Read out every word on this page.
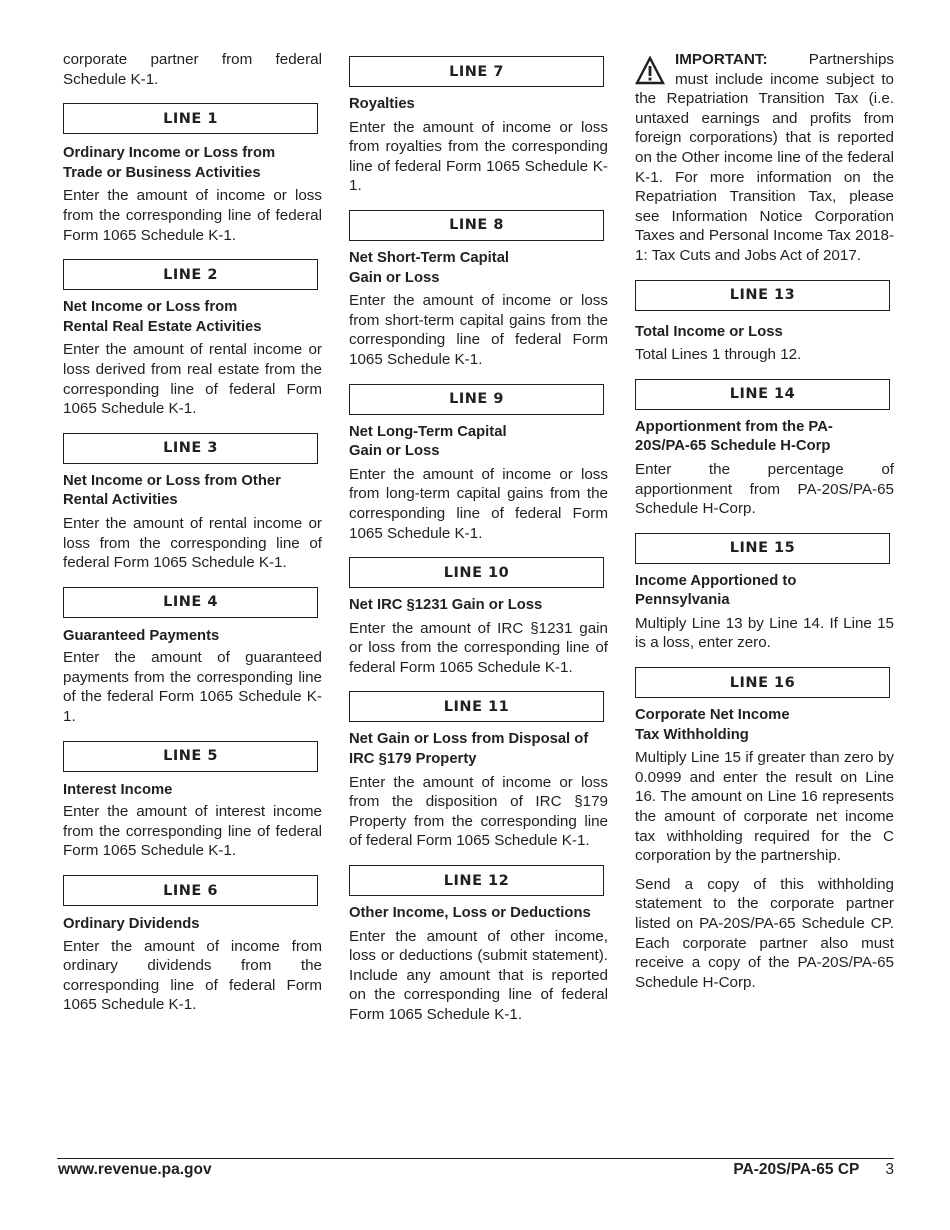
corporate partner from federal Schedule K-1.

LINE 1

Ordinary Income or Loss from Trade or Business Activities

Enter the amount of income or loss from the corresponding line of federal Form 1065 Schedule K-1.

LINE 2

Net Income or Loss from Rental Real Estate Activities

Enter the amount of rental income or loss derived from real estate from the corresponding line of federal Form 1065 Schedule K-1.

LINE 3

Net Income or Loss from Other Rental Activities

Enter the amount of rental income or loss from the corresponding line of federal Form 1065 Schedule K-1.

LINE 4

Guaranteed Payments

Enter the amount of guaranteed payments from the corresponding line of the federal Form 1065 Schedule K-1.

LINE 5

Interest Income

Enter the amount of interest income from the corresponding line of federal Form 1065 Schedule K-1.

LINE 6

Ordinary Dividends

Enter the amount of income from ordinary dividends from the corresponding line of federal Form 1065 Schedule K-1.

LINE 7

Royalties

Enter the amount of income or loss from royalties from the corresponding line of federal Form 1065 Schedule K-1.

LINE 8

Net Short-Term Capital Gain or Loss

Enter the amount of income or loss from short-term capital gains from the corresponding line of federal Form 1065 Schedule K-1.

LINE 9

Net Long-Term Capital Gain or Loss

Enter the amount of income or loss from long-term capital gains from the corresponding line of federal Form 1065 Schedule K-1.

LINE 10

Net IRC §1231 Gain or Loss

Enter the amount of IRC §1231 gain or loss from the corresponding line of federal Form 1065 Schedule K-1.

LINE 11

Net Gain or Loss from Disposal of IRC §179 Property

Enter the amount of income or loss from the disposition of IRC §179 Property from the corresponding line of federal Form 1065 Schedule K-1.

LINE 12

Other Income, Loss or Deductions

Enter the amount of other income, loss or deductions (submit statement). Include any amount that is reported on the corresponding line of federal Form 1065 Schedule K-1.

IMPORTANT:	Partnerships must include income subject to the Repatriation Transition Tax (i.e. untaxed earnings and profits from foreign corporations) that is reported on the Other income line of the federal K-1. For more information on the Repatriation Transition Tax, please see Information Notice Corporation Taxes and Personal Income Tax 2018-1: Tax Cuts and Jobs Act of 2017.
LINE 13

Total Income or Loss

Total Lines 1 through 12.

LINE 14

Apportionment from the PA-20S/PA-65 Schedule H-Corp

Enter the percentage of apportionment from PA-20S/PA-65 Schedule H-Corp.

LINE 15

Income Apportioned to Pennsylvania

Multiply Line 13 by Line 14. If Line 15 is a loss, enter zero.

LINE 16

Corporate Net Income Tax Withholding

Multiply Line 15 if greater than zero by 0.0999 and enter the result on Line 16. The amount on Line 16 represents the amount of corporate net income tax withholding required for the C corporation by the partnership.

Send a copy of this withholding statement to the corporate partner listed on PA-20S/PA-65 Schedule CP. Each corporate partner also must receive a copy of the PA-20S/PA-65 Schedule H-Corp.

www.revenue.pa.gov	PA-20S/PA-65 CP 3
